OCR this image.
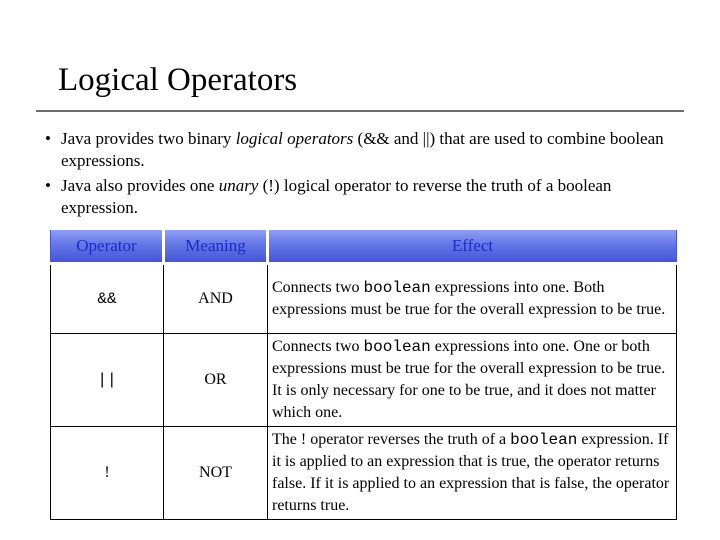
Logical Operators
• Java provides two binary logical operators (&& and ||) that are used to combine boolean expressions.
• Java also provides one unary (!) logical operator to reverse the truth of a boolean expression.
Operator	Meaning	Effect
&&	AND	Connects two boolean expressions into one. Both expressions must be true for the overall expression to be true.
||	OR	Connects two boolean expressions into one. One or both expressions must be true for the overall expression to be true. It is only necessary for one to be true, and it does not matter which one.
!	NOT	The ! operator reverses the truth of a boolean expression. If it is applied to an expression that is true, the operator returns false. If it is applied to an expression that is false, the operator returns true.
